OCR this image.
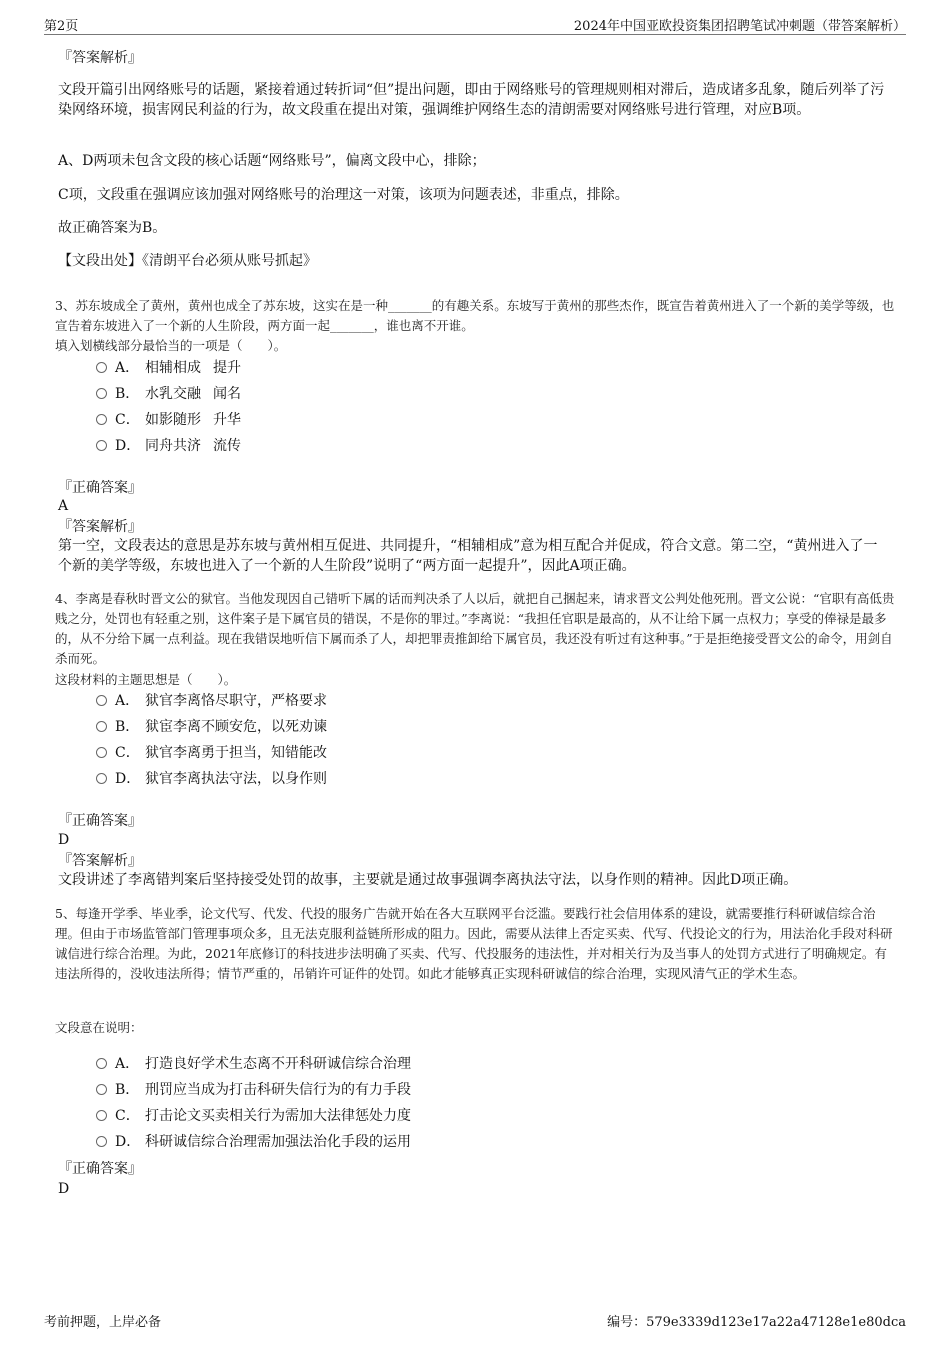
第2页	2024年中国亚欧投资集团招聘笔试冲刺题（带答案解析）
『答案解析』
文段开篇引出网络账号的话题，紧接着通过转折词“但”提出问题，即由于网络账号的管理规则相对滞后，造成诸多乱象，随后列举了污染网络环境，损害网民利益的行为，故文段重在提出对策，强调维护网络生态的清朗需要对网络账号进行管理，对应B项。
A、D两项未包含文段的核心话题“网络账号”，偏离文段中心，排除；
C项，文段重在强调应该加强对网络账号的治理这一对策，该项为问题表述，非重点，排除。
故正确答案为B。
【文段出处】《清朗平台必须从账号抓起》
3、苏东坡成全了黄州，黄州也成全了苏东坡，这实在是一种_______的有趣关系。东坡写于黄州的那些杰作，既宣告着黄州进入了一个新的美学等级，也宣告着东坡进入了一个新的人生阶段，两方面一起_______，谁也离不开谁。
填入划横线部分最恰当的一项是（　　）。
A． 相辅相成 提升
B． 水乳交融 闻名
C． 如影随形 升华
D． 同舟共济 流传
『正确答案』
A
『答案解析』
第一空，文段表达的意思是苏东坡与黄州相互促进、共同提升，“相辅相成”意为相互配合并促成，符合文意。第二空，“黄州进入了一个新的美学等级，东坡也进入了一个新的人生阶段”说明了“两方面一起提升”，因此A项正确。
4、李离是春秋时晋文公的狱官。当他发现因自己错听下属的话而判决杀了人以后，就把自己捆起来，请求晋文公判处他死刑。晋文公说：“官职有高低贵贱之分，处罚也有轻重之别，这件案子是下属官员的错误，不是你的罪过。”李离说：“我担任官职是最高的，从不让给下属一点权力；享受的俸禄是最多的，从不分给下属一点利益。现在我错误地听信下属而杀了人，却把罪责推卸给下属官员，我还没有听过有这种事。”于是拒绝接受晋文公的命令，用剑自杀而死。
这段材料的主题思想是（　　）。
A． 狱官李离恪尽职守，严格要求
B． 狱宦李离不顾安危，以死劝谏
C． 狱官李离勇于担当，知错能改
D． 狱官李离执法守法，以身作则
『正确答案』
D
『答案解析』
文段讲述了李离错判案后坚持接受处罚的故事，主要就是通过故事强调李离执法守法，以身作则的精神。因此D项正确。
5、每逢开学季、毕业季，论文代写、代发、代投的服务广告就开始在各大互联网平台泛滥。要践行社会信用体系的建设，就需要推行科研诚信综合治理。但由于市场监管部门管理事项众多，且无法克服利益链所形成的阻力。因此，需要从法律上否定买卖、代写、代投论文的行为，用法治化手段对科研诚信进行综合治理。为此，2021年底修订的科技进步法明确了买卖、代写、代投服务的违法性，并对相关行为及当事人的处罚方式进行了明确规定。有违法所得的，没收违法所得；情节严重的，吊销许可证件的处罚。如此才能够真正实现科研诚信的综合治理，实现风清气正的学术生态。
文段意在说明：
A． 打造良好学术生态离不开科研诚信综合治理
B． 刑罚应当成为打击科研失信行为的有力手段
C． 打击论文买卖相关行为需加大法律惩处力度
D． 科研诚信综合治理需加强法治化手段的运用
『正确答案』
D
考前押题，上岸必备	编号：579e3339d123e17a22a47128e1e80dca
